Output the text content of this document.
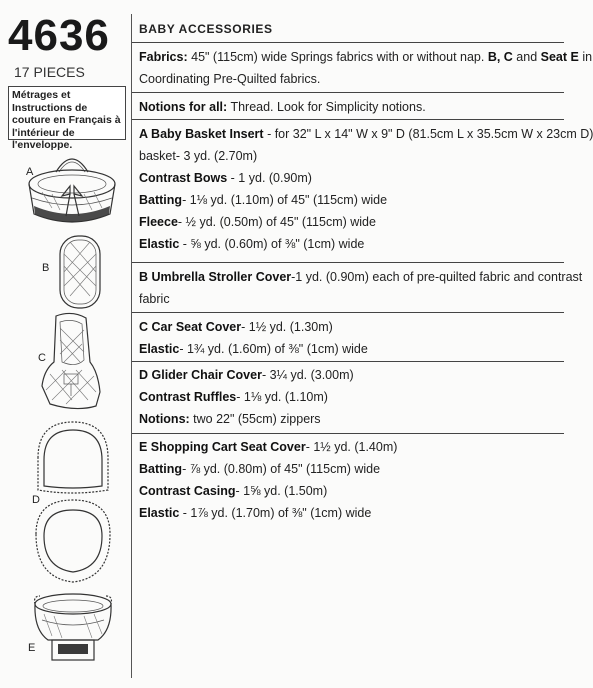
4636
17 PIECES
Métrages et Instructions de couture en Français à l'intérieur de l'enveloppe.
A
B
C
D
E
BABY ACCESSORIES
Fabrics: 45" (115cm) wide Springs fabrics with or without nap. B, C and Seat E in
Coordinating Pre-Quilted fabrics.
Notions for all: Thread. Look for Simplicity notions.
A Baby Basket Insert - for 32" L x 14" W x 9" D (81.5cm L x 35.5cm W x 23cm D)
basket- 3 yd. (2.70m)
Contrast Bows - 1 yd. (0.90m)
Batting- 1⅛ yd. (1.10m) of 45" (115cm) wide
Fleece- ½ yd. (0.50m) of 45" (115cm) wide
Elastic - ⅝ yd. (0.60m) of ⅜" (1cm) wide
B Umbrella Stroller Cover-1 yd. (0.90m) each of pre-quilted fabric and contrast
fabric
C Car Seat Cover- 1½ yd. (1.30m)
Elastic- 1¾ yd. (1.60m) of ⅜" (1cm) wide
D Glider Chair Cover- 3¼ yd. (3.00m)
Contrast Ruffles- 1⅛ yd. (1.10m)
Notions: two 22" (55cm) zippers
E Shopping Cart Seat Cover- 1½ yd. (1.40m)
Batting- ⅞ yd. (0.80m) of 45" (115cm) wide
Contrast Casing- 1⅝ yd. (1.50m)
Elastic - 1⅞ yd. (1.70m) of ⅜" (1cm) wide
